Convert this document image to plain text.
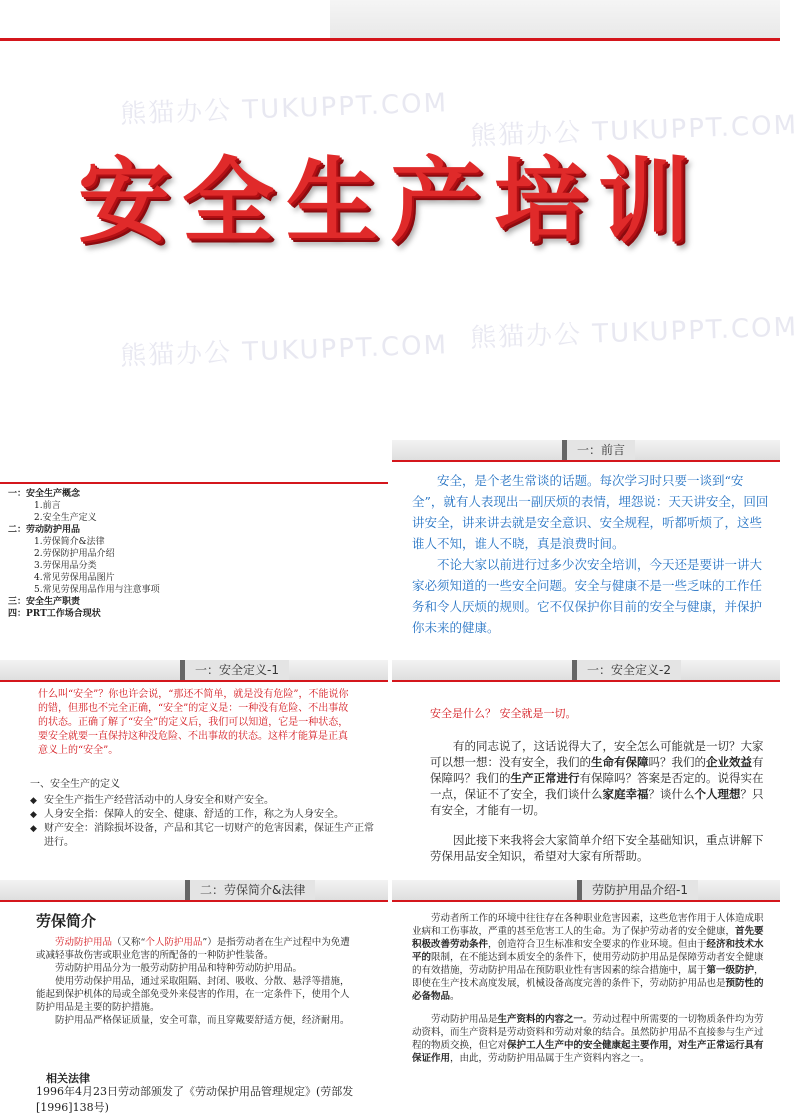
熊猫办公 TUKUPPT.COM
熊猫办公 TUKUPPT.COM
熊猫办公 TUKUPPT.COM 熊猫办公 TUKUPPT.COM
安全生产培训
一：安全生产概念
1.前言
2.安全生产定义
二：劳动防护用品
1.劳保简介&法律
2.劳保防护用品介绍
3.劳保用品分类
4.常见劳保用品图片
5.常见劳保用品作用与注意事项
三：安全生产职责
四：PRT工作场合现状
一：前言

安全，是个老生常谈的话题。每次学习时只要一谈到“安全”，就有人表现出一副厌烦的表情，埋怨说：天天讲安全，回回讲安全，讲来讲去就是安全意识、安全规程，听都听烦了，这些谁人不知，谁人不晓，真是浪费时间。

不论大家以前进行过多少次安全培训，今天还是要讲一讲大家必须知道的一些安全问题。安全与健康不是一些乏味的工作任务和令人厌烦的规则。它不仅保护你目前的安全与健康，并保护你未来的健康。

一：安全定义-1
什么叫“安全”？你也许会说，“那还不简单，就是没有危险”，不能说你的错，但那也不完全正确，“安全”的定义是：一种没有危险、不出事故的状态。正确了解了“安全”的定义后，我们可以知道，它是一种状态，要安全就要一直保持这种没危险、不出事故的状态。这样才能算是正真意义上的“安全”。
一、安全生产的定义
◆ 安全生产指生产经营活动中的人身安全和财产安全。
◆ 人身安全指：保障人的安全、健康、舒适的工作，称之为人身安全。
◆ 财产安全：消除损坏设备，产品和其它一切财产的危害因素，保证生产正常进行。
一：安全定义-2
安全是什么？ 安全就是一切。

有的同志说了，这话说得大了，安全怎么可能就是一切？大家可以想一想：没有安全，我们的生命有保障吗？我们的企业效益有保障吗？我们的生产正常进行有保障吗？答案是否定的。说得实在一点，保证不了安全，我们谈什么家庭幸福？谈什么个人理想？只有安全，才能有一切。

因此接下来我将会大家简单介绍下安全基础知识，重点讲解下劳保用品安全知识，希望对大家有所帮助。

二：劳保简介&法律
劳保简介

劳动防护用品（又称“个人防护用品”）是指劳动者在生产过程中为免遭或减轻事故伤害或职业危害的所配备的一种防护性装备。

劳动防护用品分为一般劳动防护用品和特种劳动防护用品。

使用劳动保护用品，通过采取阻隔、封闭、吸收、分散、悬浮等措施，能起到保护机体的局或全部免受外来侵害的作用，在一定条件下，使用个人防护用品是主要的防护措施。

防护用品严格保证质量，安全可靠，而且穿戴要舒适方便，经济耐用。

相关法律
1996年4月23日劳动部颁发了《劳动保护用品管理规定》(劳部发[1996]138号)
劳防护用品介绍-1

劳动者所工作的环境中往往存在各种职业危害因素，这些危害作用于人体造成职业病和工伤事故，严重的甚至危害工人的生命。为了保护劳动者的安全健康，首先要积极改善劳动条件，创造符合卫生标准和安全要求的作业环境。但由于经济和技术水平的限制，在不能达到本质安全的条件下，使用劳动防护用品是保障劳动者安全健康的有效措施，劳动防护用品在预防职业性有害因素的综合措施中，属于第一级防护，即使在生产技术高度发展，机械设备高度完善的条件下，劳动防护用品也是预防性的必备物品。

劳动防护用品是生产资料的内容之一。劳动过程中所需要的一切物质条件均为劳动资料，而生产资料是劳动资料和劳动对象的结合。虽然防护用品不直接参与生产过程的物质交换，但它对保护工人生产中的安全健康起主要作用，对生产正常运行具有保证作用，由此，劳动防护用品属于生产资料内容之一。
